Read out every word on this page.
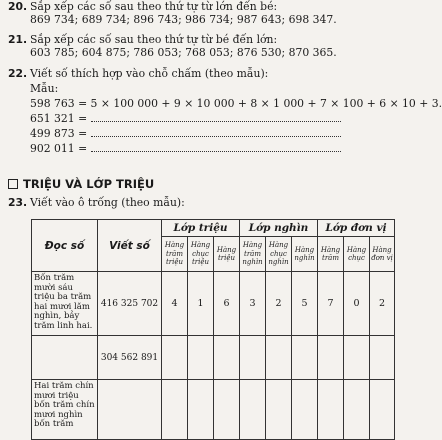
20. Sắp xếp các số sau theo thứ tự từ lớn đến bé:
869 734; 689 734; 896 743; 986 734; 987 643; 698 347.
21. Sắp xếp các số sau theo thứ tự từ bé đến lớn:
603 785; 604 875; 786 053; 768 053; 876 530; 870 365.
22. Viết số thích hợp vào chỗ chấm (theo mẫu):
Mẫu:
598 763 = 5 × 100 000 + 9 × 10 000 + 8 × 1 000 + 7 × 100 + 6 × 10 + 3.
651 321 =
499 873 =
902 011 =
TRIỆU VÀ LỚP TRIỆU
23. Viết vào ô trống (theo mẫu):
Đọc số	Viết số	Lớp triệu			Lớp nghìn			Lớp đơn vị		
		Hàng trăm triệu	Hàng chục triệu	Hàng triệu	Hàng trăm nghìn	Hàng chục nghìn	Hàng nghìn	Hàng trăm	Hàng chục	Hàng đơn vị
Bốn trăm mười sáu triệu ba trăm hai mươi lăm nghìn, bảy trăm linh hai.	416 325 702	4	1	6	3	2	5	7	0	2
	304 562 891									
Hai trăm chín mươi triệu bốn trăm chín mươi nghìn bốn trăm										
